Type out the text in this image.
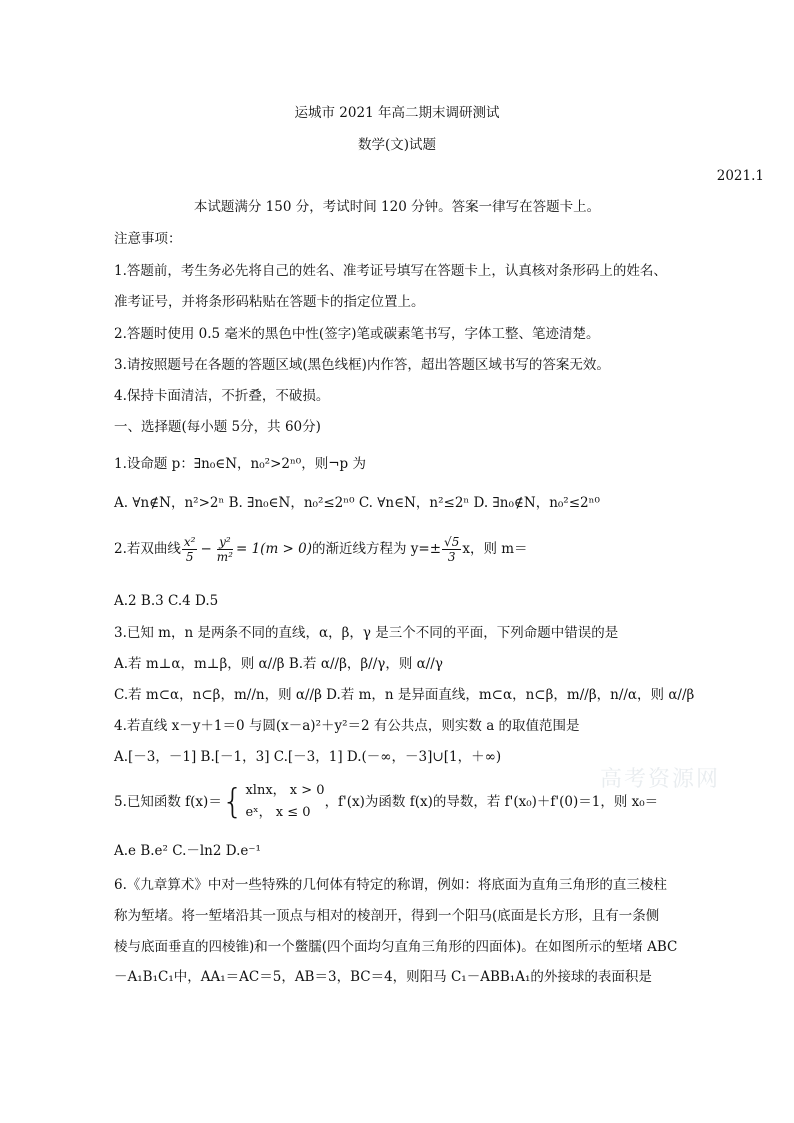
运城市 2021 年高二期末调研测试
数学(文)试题
2021.1
本试题满分 150 分，考试时间 120 分钟。答案一律写在答题卡上。
注意事项：
1.答题前，考生务必先将自己的姓名、准考证号填写在答题卡上，认真核对条形码上的姓名、
准考证号，并将条形码粘贴在答题卡的指定位置上。
2.答题时使用 0.5 毫米的黑色中性(签字)笔或碳素笔书写，字体工整、笔迹清楚。
3.请按照题号在各题的答题区域(黑色线框)内作答，超出答题区域书写的答案无效。
4.保持卡面清洁，不折叠，不破损。
一、选择题(每小题 5分，共 60分)
1.设命题 p：∃n₀∈N，n₀²>2ⁿ⁰，则¬p 为
A. ∀n∉N，n²>2ⁿ B. ∃n₀∈N，n₀²≤2ⁿ⁰ C. ∀n∈N，n²≤2ⁿ D. ∃n₀∉N，n₀²≤2ⁿ⁰
2.若双曲线 $\frac{\text{x²}}{5} - \frac{\text{y²}}{\text{m²}} = 1(m > 0)$ 的渐近线方程为 $y=\pm \frac{√5}{3}$ x，则 m＝
A.2 B.3 C.4 D.5
3.已知 m，n 是两条不同的直线，α，β，γ 是三个不同的平面，下列命题中错误的是
A.若 m⊥α，m⊥β，则 α//β B.若 α//β，β//γ，则 α//γ
C.若 m⊂α，n⊂β，m//n，则 α//β D.若 m，n 是异面直线，m⊂α，n⊂β，m//β，n//α，则 α//β
4.若直线 x－y＋1＝0 与圆(x－a)²＋y²＝2 有公共点，则实数 a 的取值范围是
A.[－3，－1] B.[－1，3] C.[－3，1] D.(－∞，－3]∪[1，＋∞)
5.已知函数 f(x)＝ { xlnx， x > 0
eˣ， x ≤ 0
，f'(x)为函数 f(x)的导数，若 f'(x₀)＋f'(0)＝1，则 x₀＝
A.e B.e² C.－ln2 D.e⁻¹
6.《九章算术》中对一些特殊的几何体有特定的称谓，例如：将底面为直角三角形的直三棱柱
称为堑堵。将一堑堵沿其一顶点与相对的棱剖开，得到一个阳马(底面是长方形，且有一条侧
棱与底面垂直的四棱锥)和一个鳖臑(四个面均匀直角三角形的四面体)。在如图所示的堑堵 ABC
－A₁B₁C₁中，AA₁＝AC＝5，AB＝3，BC＝4，则阳马 C₁－ABB₁A₁的外接球的表面积是
高考资源网
